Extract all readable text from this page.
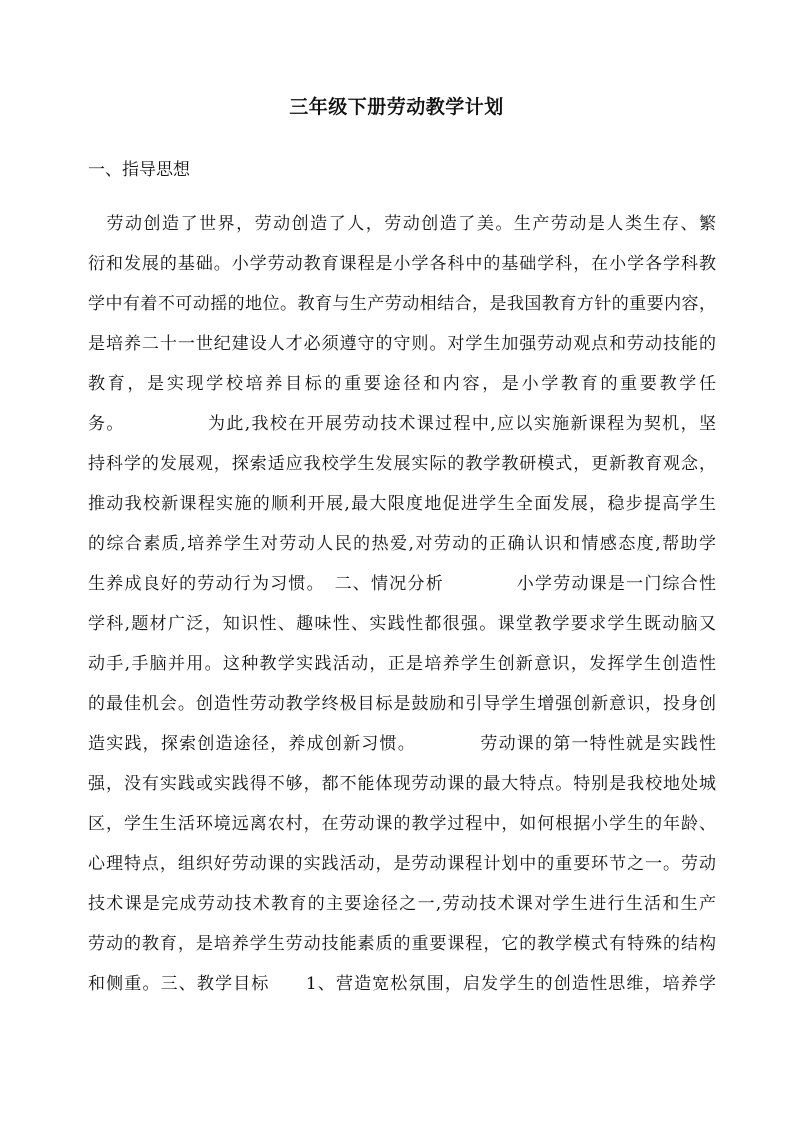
三年级下册劳动教学计划
一、指导思想
　劳动创造了世界，劳动创造了人，劳动创造了美。生产劳动是人类生存、繁
衍和发展的基础。小学劳动教育课程是小学各科中的基础学科，在小学各学科教
学中有着不可动摇的地位。教育与生产劳动相结合，是我国教育方针的重要内容，
是培养二十一世纪建设人才必须遵守的守则。对学生加强劳动观点和劳动技能的
教育，是实现学校培养目标的重要途径和内容，是小学教育的重要教学任
务。　　　　　为此,我校在开展劳动技术课过程中,应以实施新课程为契机，坚
持科学的发展观，探索适应我校学生发展实际的教学教研模式，更新教育观念，
推动我校新课程实施的顺利开展,最大限度地促进学生全面发展，稳步提高学生
的综合素质,培养学生对劳动人民的热爱,对劳动的正确认识和情感态度,帮助学
生养成良好的劳动行为习惯。　二、情况分析　　　　小学劳动课是一门综合性
学科,题材广泛，知识性、趣味性、实践性都很强。课堂教学要求学生既动脑又
动手,手脑并用。这种教学实践活动，正是培养学生创新意识，发挥学生创造性
的最佳机会。创造性劳动教学终极目标是鼓励和引导学生增强创新意识，投身创
造实践，探索创造途径，养成创新习惯。　　　　劳动课的第一特性就是实践性
强，没有实践或实践得不够，都不能体现劳动课的最大特点。特别是我校地处城
区，学生生活环境远离农村，在劳动课的教学过程中，如何根据小学生的年龄、
心理特点，组织好劳动课的实践活动，是劳动课程计划中的重要环节之一。劳动
技术课是完成劳动技术教育的主要途径之一,劳动技术课对学生进行生活和生产
劳动的教育，是培养学生劳动技能素质的重要课程，它的教学模式有特殊的结构
和侧重。三、教学目标　　1、营造宽松氛围，启发学生的创造性思维，培养学
